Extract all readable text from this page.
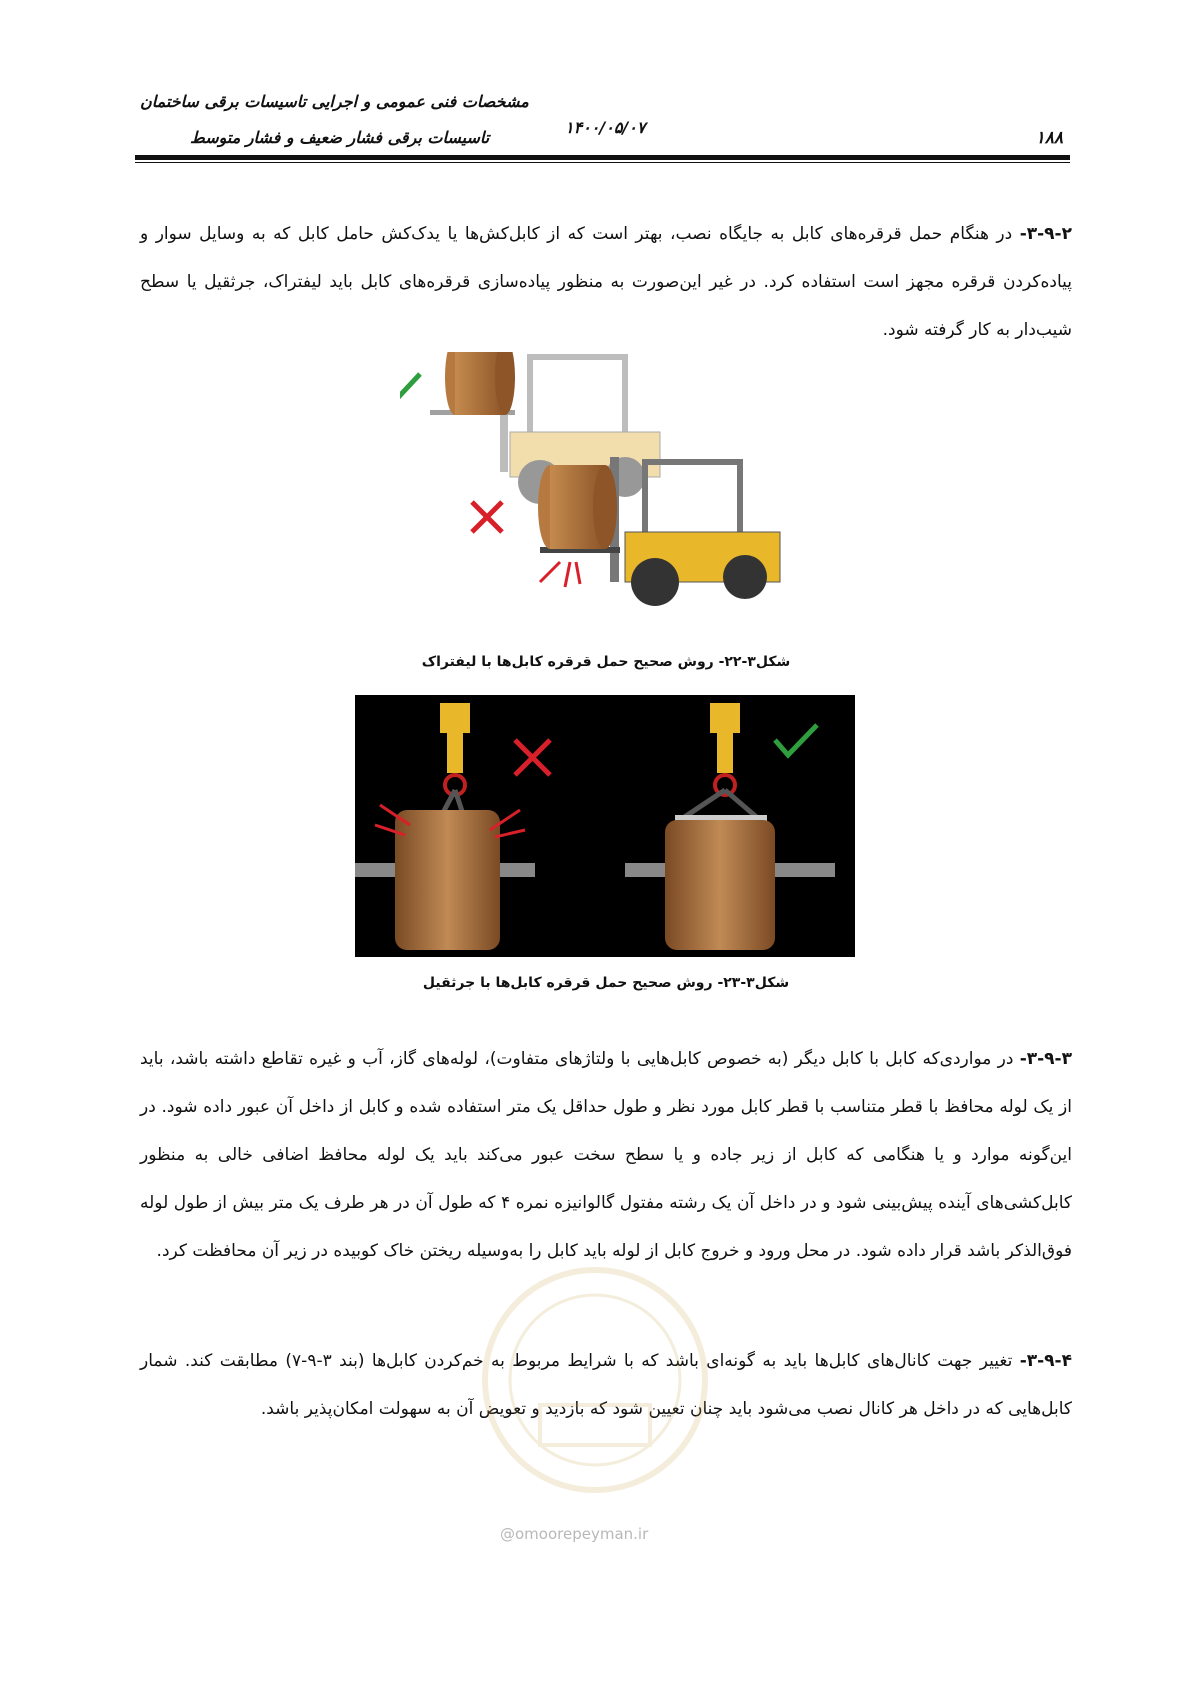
مشخصات فنی عمومی و اجرایی تاسیسات برقی ساختمان
تاسیسات برقی فشار ضعیف و فشار متوسط
۱۴۰۰/۰۵/۰۷
۱۸۸

۳-۹-۲- در هنگام حمل قرقره‌های کابل به جایگاه نصب، بهتر است که از کابل‌کش‌ها یا یدک‌کش حامل کابل که به وسایل سوار و پیاده‌کردن قرقره مجهز است استفاده کرد. در غیر این‌صورت به منظور پیاده‌سازی قرقره‌های کابل باید لیفتراک، جرثقیل یا سطح شیب‌دار به کار گرفته شود.

شکل۳-۲۲- روش صحیح حمل قرقره کابل‌ها با لیفتراک
شکل۳-۲۳- روش صحیح حمل قرقره کابل‌ها با جرثقیل

۳-۹-۳- در مواردی‌که کابل با کابل دیگر (به خصوص کابل‌هایی با ولتاژهای متفاوت)، لوله‌های گاز، آب و غیره تقاطع داشته باشد، باید از یک لوله محافظ با قطر متناسب با قطر کابل مورد نظر و طول حداقل یک متر استفاده شده و کابل از داخل آن عبور داده شود. در این‌گونه موارد و یا هنگامی که کابل از زیر جاده و یا سطح سخت عبور می‌کند باید یک لوله محافظ اضافی خالی به منظور کابل‌کشی‌های آینده پیش‌بینی شود و در داخل آن یک رشته مفتول گالوانیزه نمره ۴ که طول آن در هر طرف یک متر بیش از طول لوله فوق‌الذکر باشد قرار داده شود. در محل ورود و خروج کابل از لوله باید کابل را به‌وسیله ریختن خاک کوبیده در زیر آن محافظت کرد.

۳-۹-۴- تغییر جهت کانال‌های کابل‌ها باید به گونه‌ای باشد که با شرایط مربوط به خم‌کردن کابل‌ها (بند ۳-۹-۷) مطابقت کند. شمار کابل‌هایی که در داخل هر کانال نصب می‌شود باید چنان تعیین شود که بازدید و تعویض آن به سهولت امکان‌پذیر باشد.

@omoorepeyman.ir
